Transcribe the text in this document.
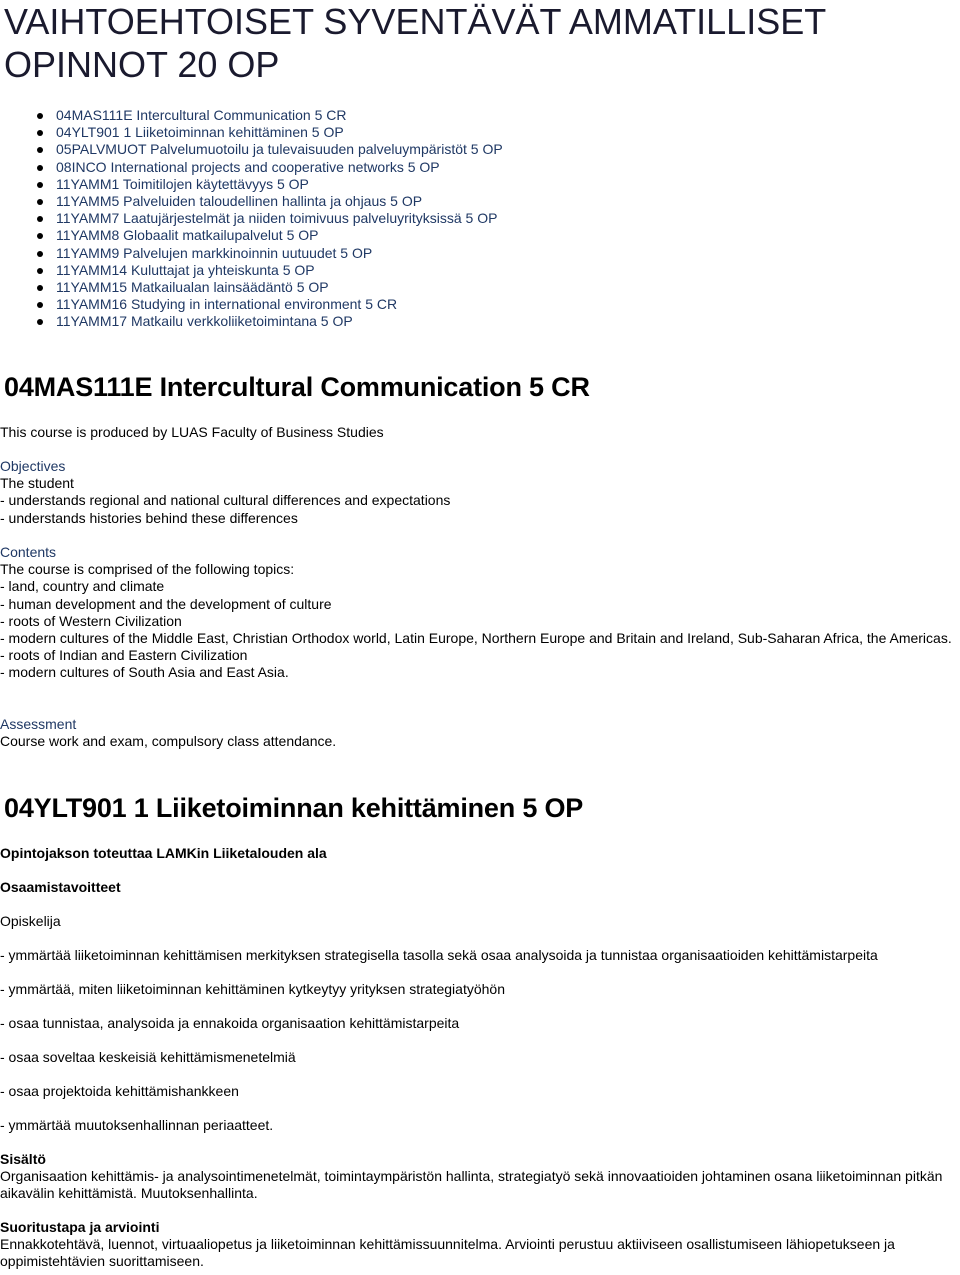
VAIHTOEHTOISET SYVENTÄVÄT AMMATILLISET OPINNOT 20 OP
04MAS111E Intercultural Communication 5 CR
04YLT901 1 Liiketoiminnan kehittäminen 5 OP
05PALVMUOT Palvelumuotoilu ja tulevaisuuden palveluympäristöt 5 OP
08INCO International projects and cooperative networks 5 OP
11YAMM1 Toimitilojen käytettävyys 5 OP
11YAMM5 Palveluiden taloudellinen hallinta ja ohjaus 5 OP
11YAMM7 Laatujärjestelmät ja niiden toimivuus palveluyrityksissä 5 OP
11YAMM8 Globaalit matkailupalvelut 5 OP
11YAMM9 Palvelujen markkinoinnin uutuudet 5 OP
11YAMM14 Kuluttajat ja yhteiskunta 5 OP
11YAMM15 Matkailualan lainsäädäntö 5 OP
11YAMM16 Studying in international environment 5 CR
11YAMM17 Matkailu verkkoliiketoimintana 5 OP
04MAS111E Intercultural Communication 5 CR

This course is produced by LUAS Faculty of Business Studies

Objectives
The student
- understands regional and national cultural differences and expectations
- understands histories behind these differences
Contents
The course is comprised of the following topics:
- land, country and climate
- human development and the development of culture
- roots of Western Civilization
- modern cultures of the Middle East, Christian Orthodox world, Latin Europe, Northern Europe and Britain and Ireland, Sub-Saharan Africa, the Americas.
- roots of Indian and Eastern Civilization
- modern cultures of South Asia and East Asia.
Assessment
Course work and exam, compulsory class attendance.
04YLT901 1 Liiketoiminnan kehittäminen 5 OP

Opintojakson toteuttaa LAMKin Liiketalouden ala

Osaamistavoitteet

Opiskelija

- ymmärtää liiketoiminnan kehittämisen merkityksen strategisella tasolla sekä osaa analysoida ja tunnistaa organisaatioiden kehittämistarpeita

- ymmärtää, miten liiketoiminnan kehittäminen kytkeytyy yrityksen strategiatyöhön

- osaa tunnistaa, analysoida ja ennakoida organisaation kehittämistarpeita

- osaa soveltaa keskeisiä kehittämismenetelmiä

- osaa projektoida kehittämishankkeen

- ymmärtää muutoksenhallinnan periaatteet.

Sisältö
Organisaation kehittämis- ja analysointimenetelmät, toimintaympäristön hallinta, strategiatyö sekä innovaatioiden johtaminen osana liiketoiminnan pitkän aikavälin kehittämistä. Muutoksenhallinta.
Suoritustapa ja arviointi
Ennakkotehtävä, luennot, virtuaaliopetus ja liiketoiminnan kehittämissuunnitelma. Arviointi perustuu aktiiviseen osallistumiseen lähiopetukseen ja oppimistehtävien suorittamiseen.
